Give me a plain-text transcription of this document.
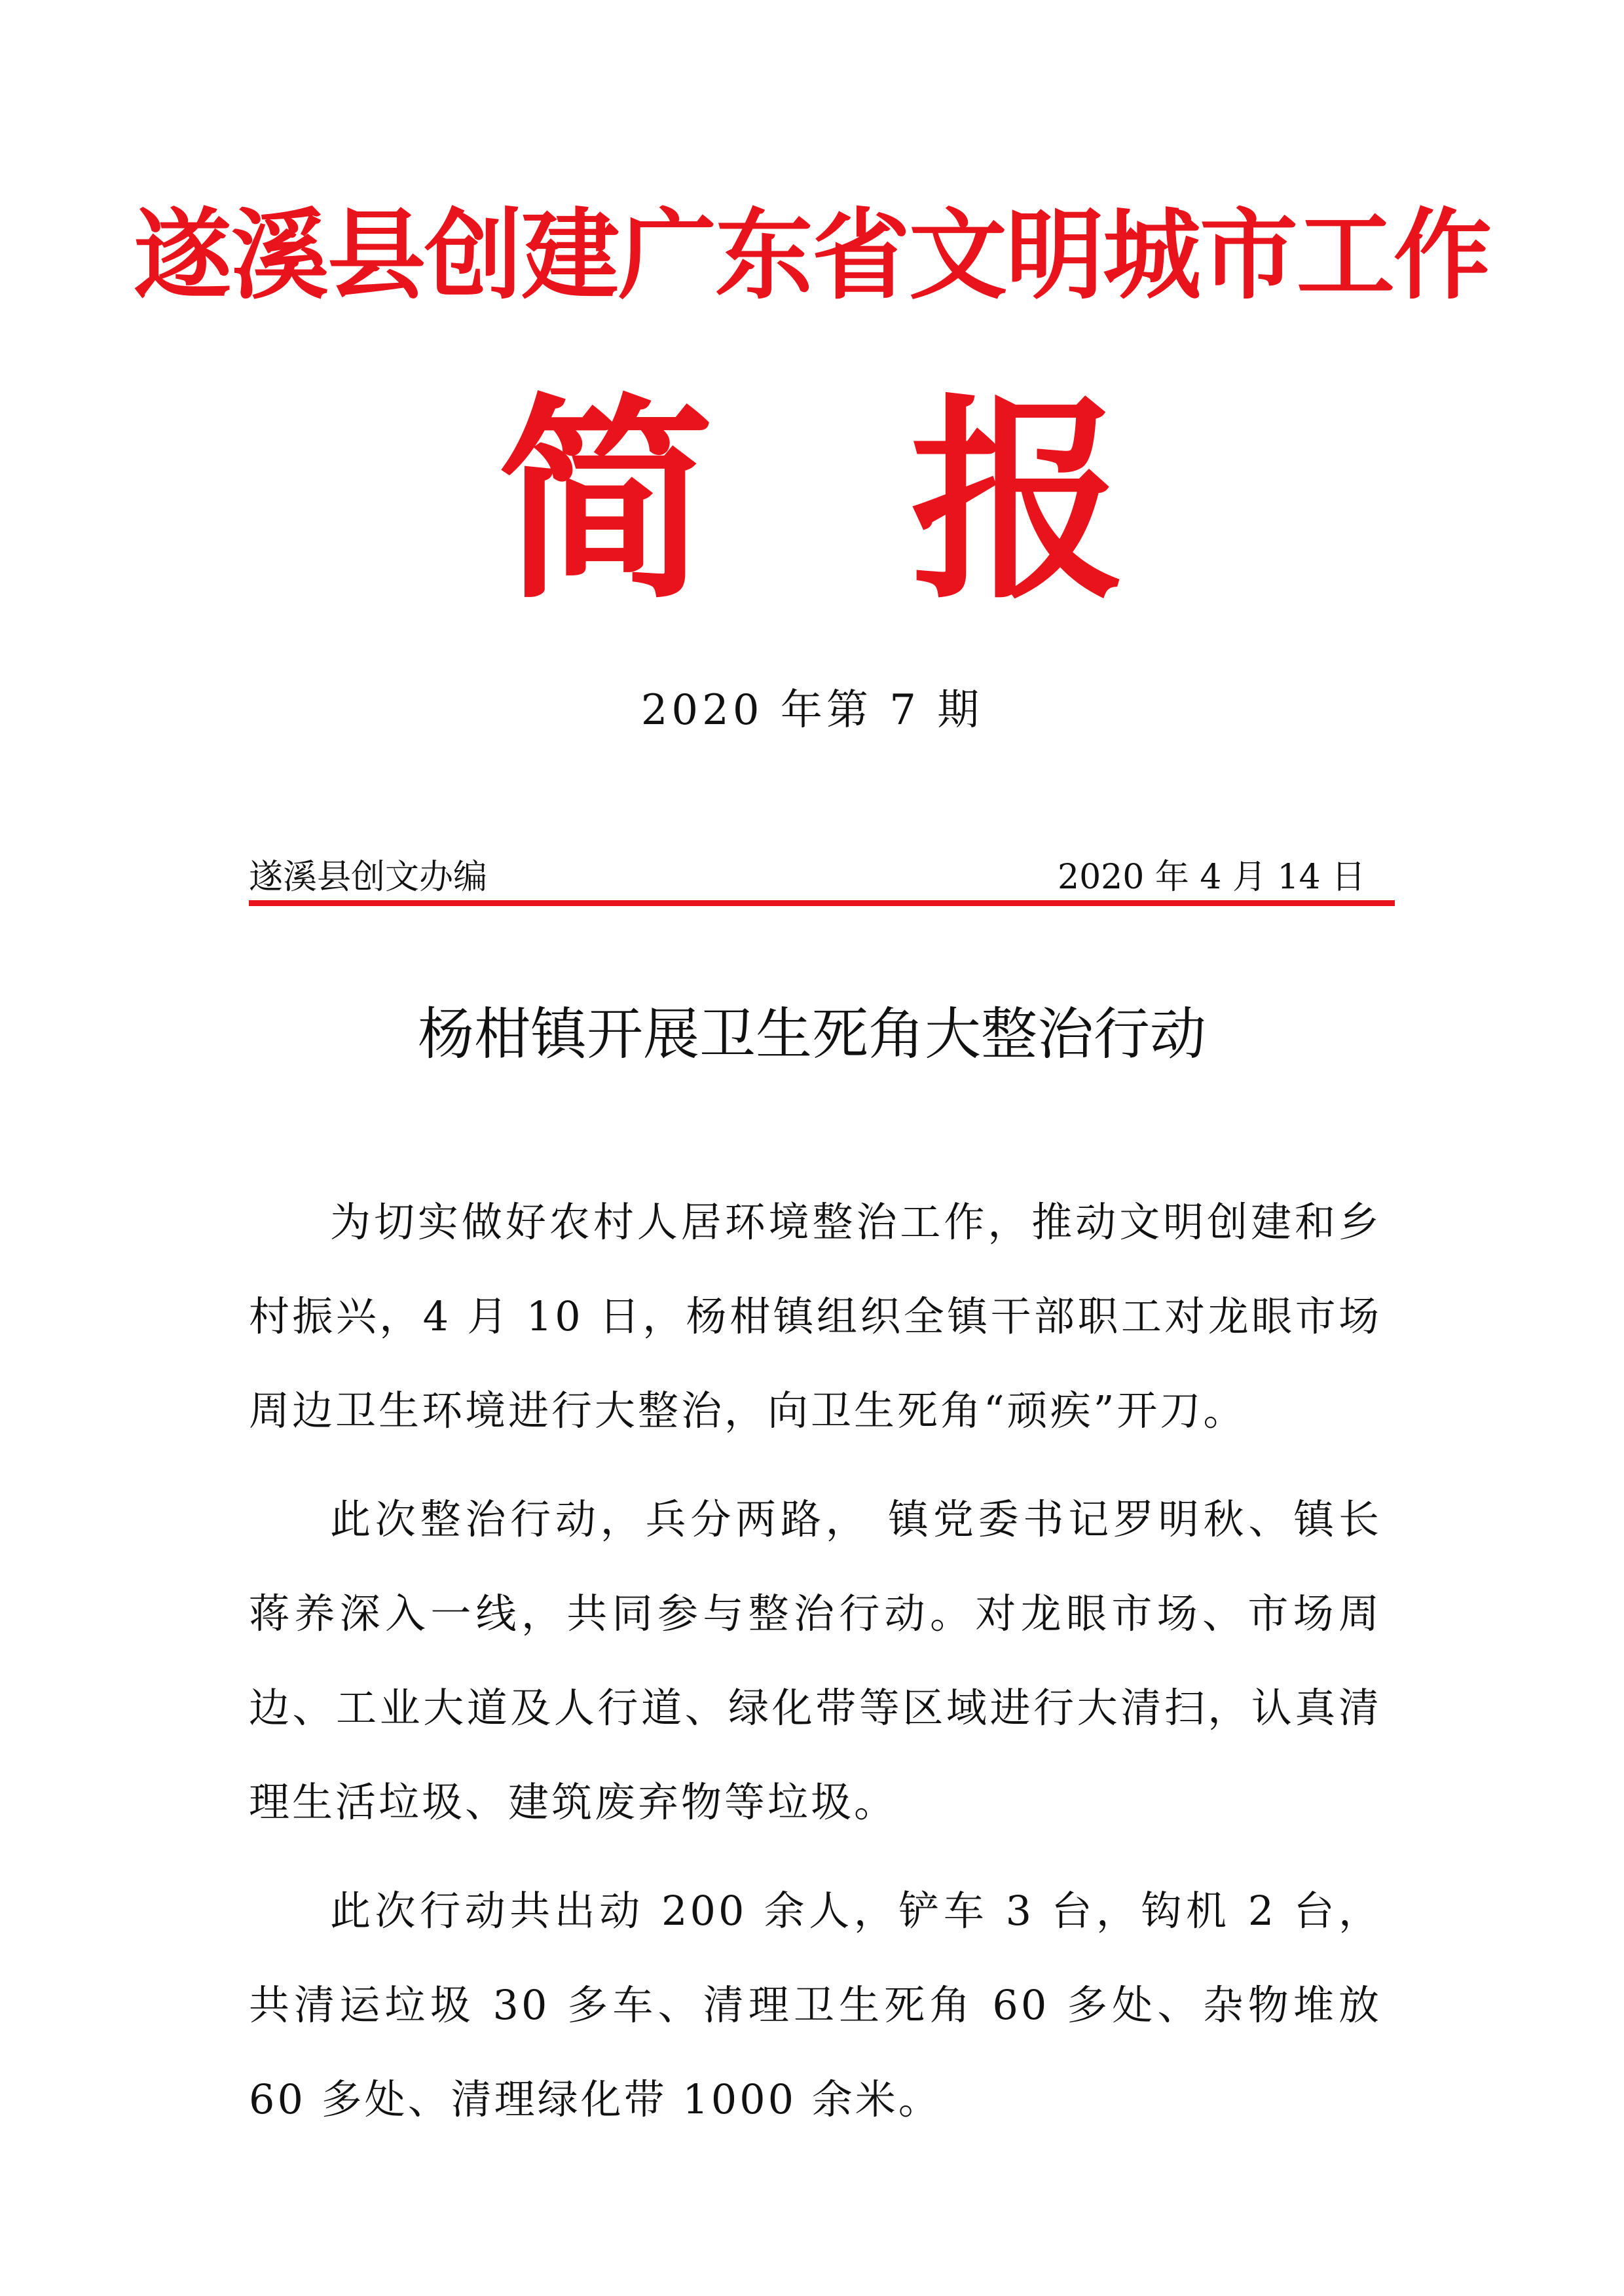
遂溪县创建广东省文明城市工作
简报
2020 年第 7 期
遂溪县创文办编	2020 年 4 月 14 日
杨柑镇开展卫生死角大整治行动

为切实做好农村人居环境整治工作，推动文明创建和乡村振兴，4 月 10 日，杨柑镇组织全镇干部职工对龙眼市场周边卫生环境进行大整治，向卫生死角“顽疾”开刀。

此次整治行动，兵分两路， 镇党委书记罗明秋、镇长蒋养深入一线，共同参与整治行动。对龙眼市场、市场周边、工业大道及人行道、绿化带等区域进行大清扫，认真清理生活垃圾、建筑废弃物等垃圾。

此次行动共出动 200 余人，铲车 3 台，钩机 2 台，共清运垃圾 30 多车、清理卫生死角 60 多处、杂物堆放 60 多处、清理绿化带 1000 余米。
